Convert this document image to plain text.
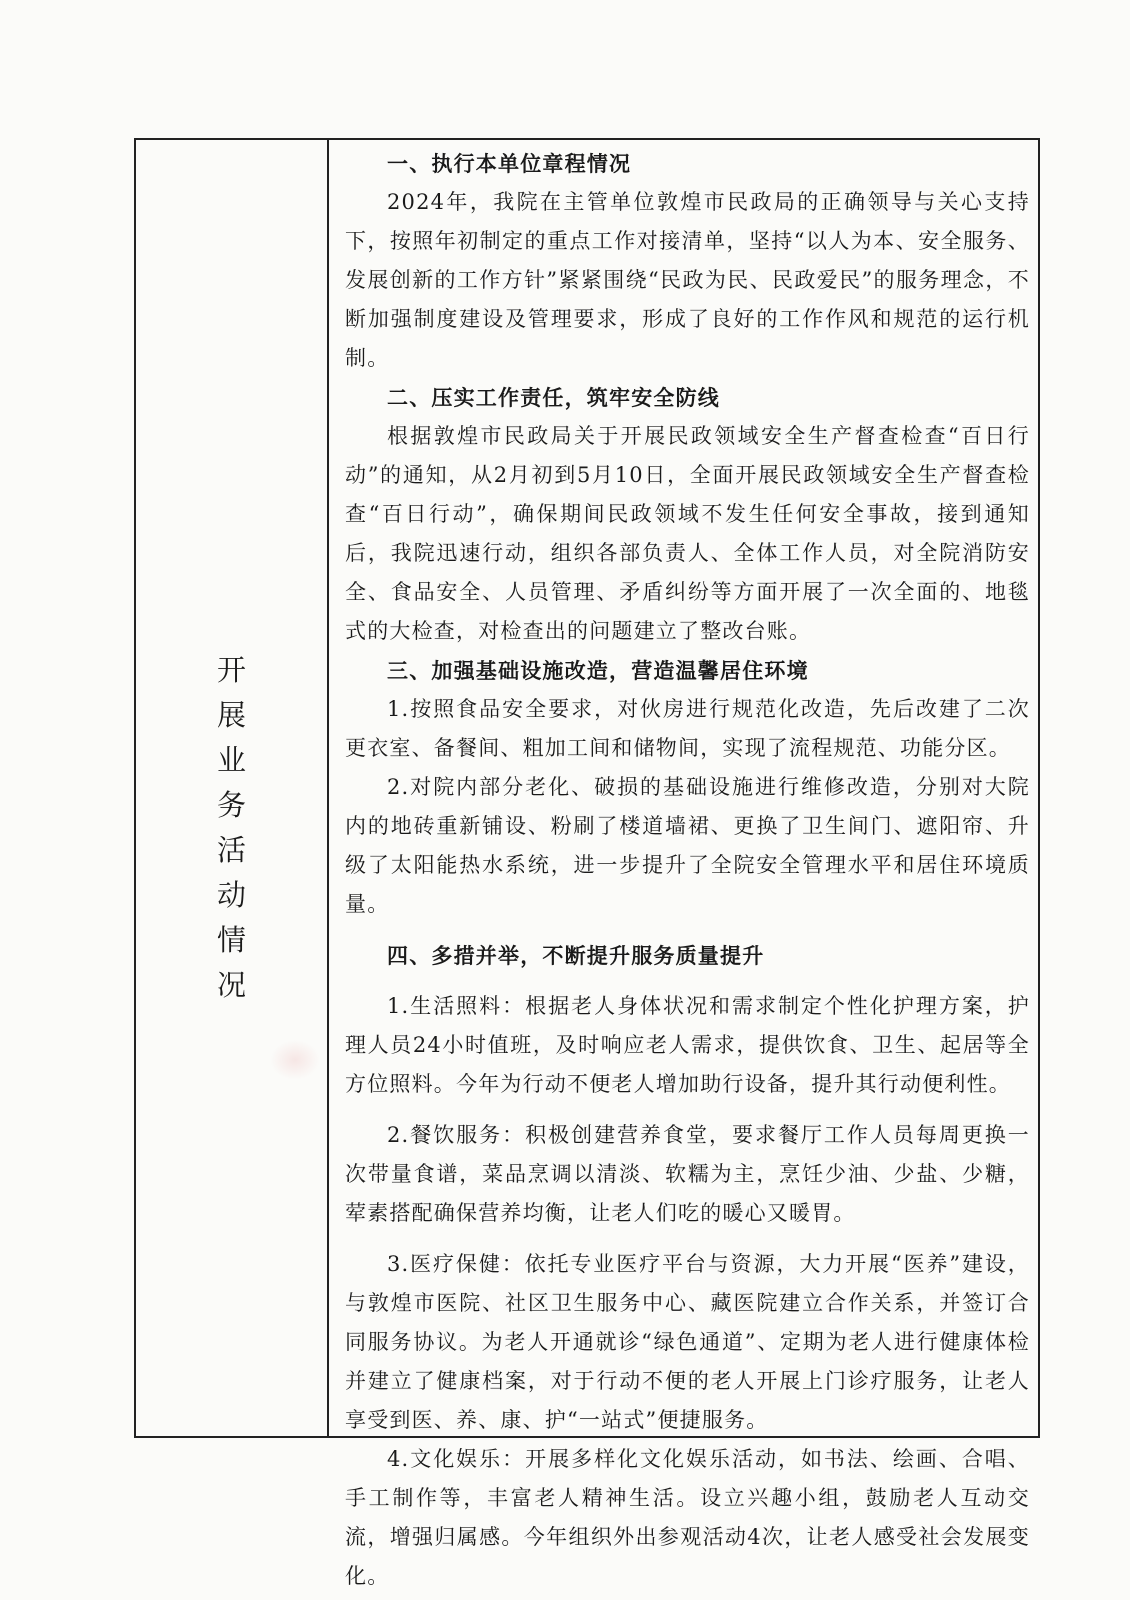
开
展
业
务
活
动
情
况

一、执行本单位章程情况

2024年，我院在主管单位敦煌市民政局的正确领导与关心支持下，按照年初制定的重点工作对接清单，坚持“以人为本、安全服务、发展创新的工作方针”紧紧围绕“民政为民、民政爱民”的服务理念，不断加强制度建设及管理要求，形成了良好的工作作风和规范的运行机制。

二、压实工作责任，筑牢安全防线

根据敦煌市民政局关于开展民政领域安全生产督查检查“百日行动”的通知，从2月初到5月10日，全面开展民政领域安全生产督查检查“百日行动”，确保期间民政领域不发生任何安全事故，接到通知后，我院迅速行动，组织各部负责人、全体工作人员，对全院消防安全、食品安全、人员管理、矛盾纠纷等方面开展了一次全面的、地毯式的大检查，对检查出的问题建立了整改台账。

三、加强基础设施改造，营造温馨居住环境

1.按照食品安全要求，对伙房进行规范化改造，先后改建了二次更衣室、备餐间、粗加工间和储物间，实现了流程规范、功能分区。

2.对院内部分老化、破损的基础设施进行维修改造，分别对大院内的地砖重新铺设、粉刷了楼道墙裙、更换了卫生间门、遮阳帘、升级了太阳能热水系统，进一步提升了全院安全管理水平和居住环境质量。

四、多措并举，不断提升服务质量提升

1.生活照料：根据老人身体状况和需求制定个性化护理方案，护理人员24小时值班，及时响应老人需求，提供饮食、卫生、起居等全方位照料。今年为行动不便老人增加助行设备，提升其行动便利性。

2.餐饮服务：积极创建营养食堂，要求餐厅工作人员每周更换一次带量食谱，菜品烹调以清淡、软糯为主，烹饪少油、少盐、少糖，荤素搭配确保营养均衡，让老人们吃的暖心又暖胃。

3.医疗保健：依托专业医疗平台与资源，大力开展“医养”建设，与敦煌市医院、社区卫生服务中心、藏医院建立合作关系，并签订合同服务协议。为老人开通就诊“绿色通道”、定期为老人进行健康体检并建立了健康档案，对于行动不便的老人开展上门诊疗服务，让老人享受到医、养、康、护“一站式”便捷服务。

4.文化娱乐：开展多样化文化娱乐活动，如书法、绘画、合唱、手工制作等，丰富老人精神生活。设立兴趣小组，鼓励老人互动交流，增强归属感。今年组织外出参观活动4次，让老人感受社会发展变化。
